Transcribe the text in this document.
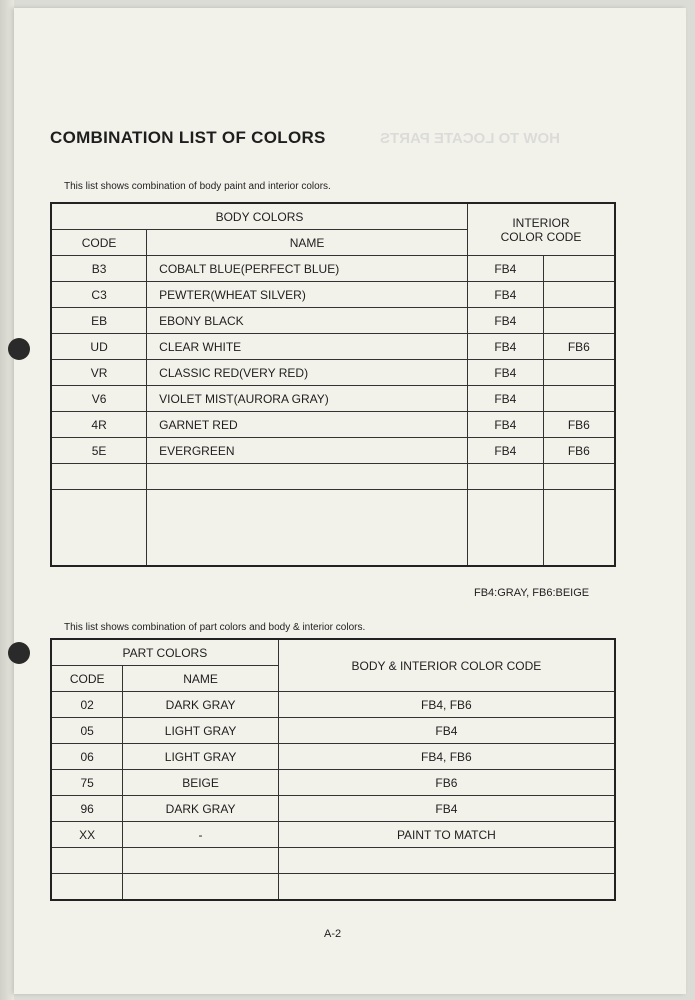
HOW TO LOCATE PARTS
COMBINATION LIST OF COLORS
This list shows combination of body paint and interior colors.
BODY COLORS		INTERIOR
COLOR CODE	

CODE	NAME		
B3	COBALT BLUE(PERFECT BLUE)	FB4	
C3	PEWTER(WHEAT SILVER)	FB4	
EB	EBONY BLACK	FB4	
UD	CLEAR WHITE	FB4	FB6
VR	CLASSIC RED(VERY RED)	FB4	
V6	VIOLET MIST(AURORA GRAY)	FB4	
4R	GARNET RED	FB4	FB6
5E	EVERGREEN	FB4	FB6

FB4:GRAY, FB6:BEIGE
This list shows combination of part colors and body & interior colors.
PART COLORS		BODY & INTERIOR COLOR CODE
CODE	NAME	
02	DARK GRAY	FB4, FB6
05	LIGHT GRAY	FB4
06	LIGHT GRAY	FB4, FB6
75	BEIGE	FB6
96	DARK GRAY	FB4
XX	-	PAINT TO MATCH

A-2
